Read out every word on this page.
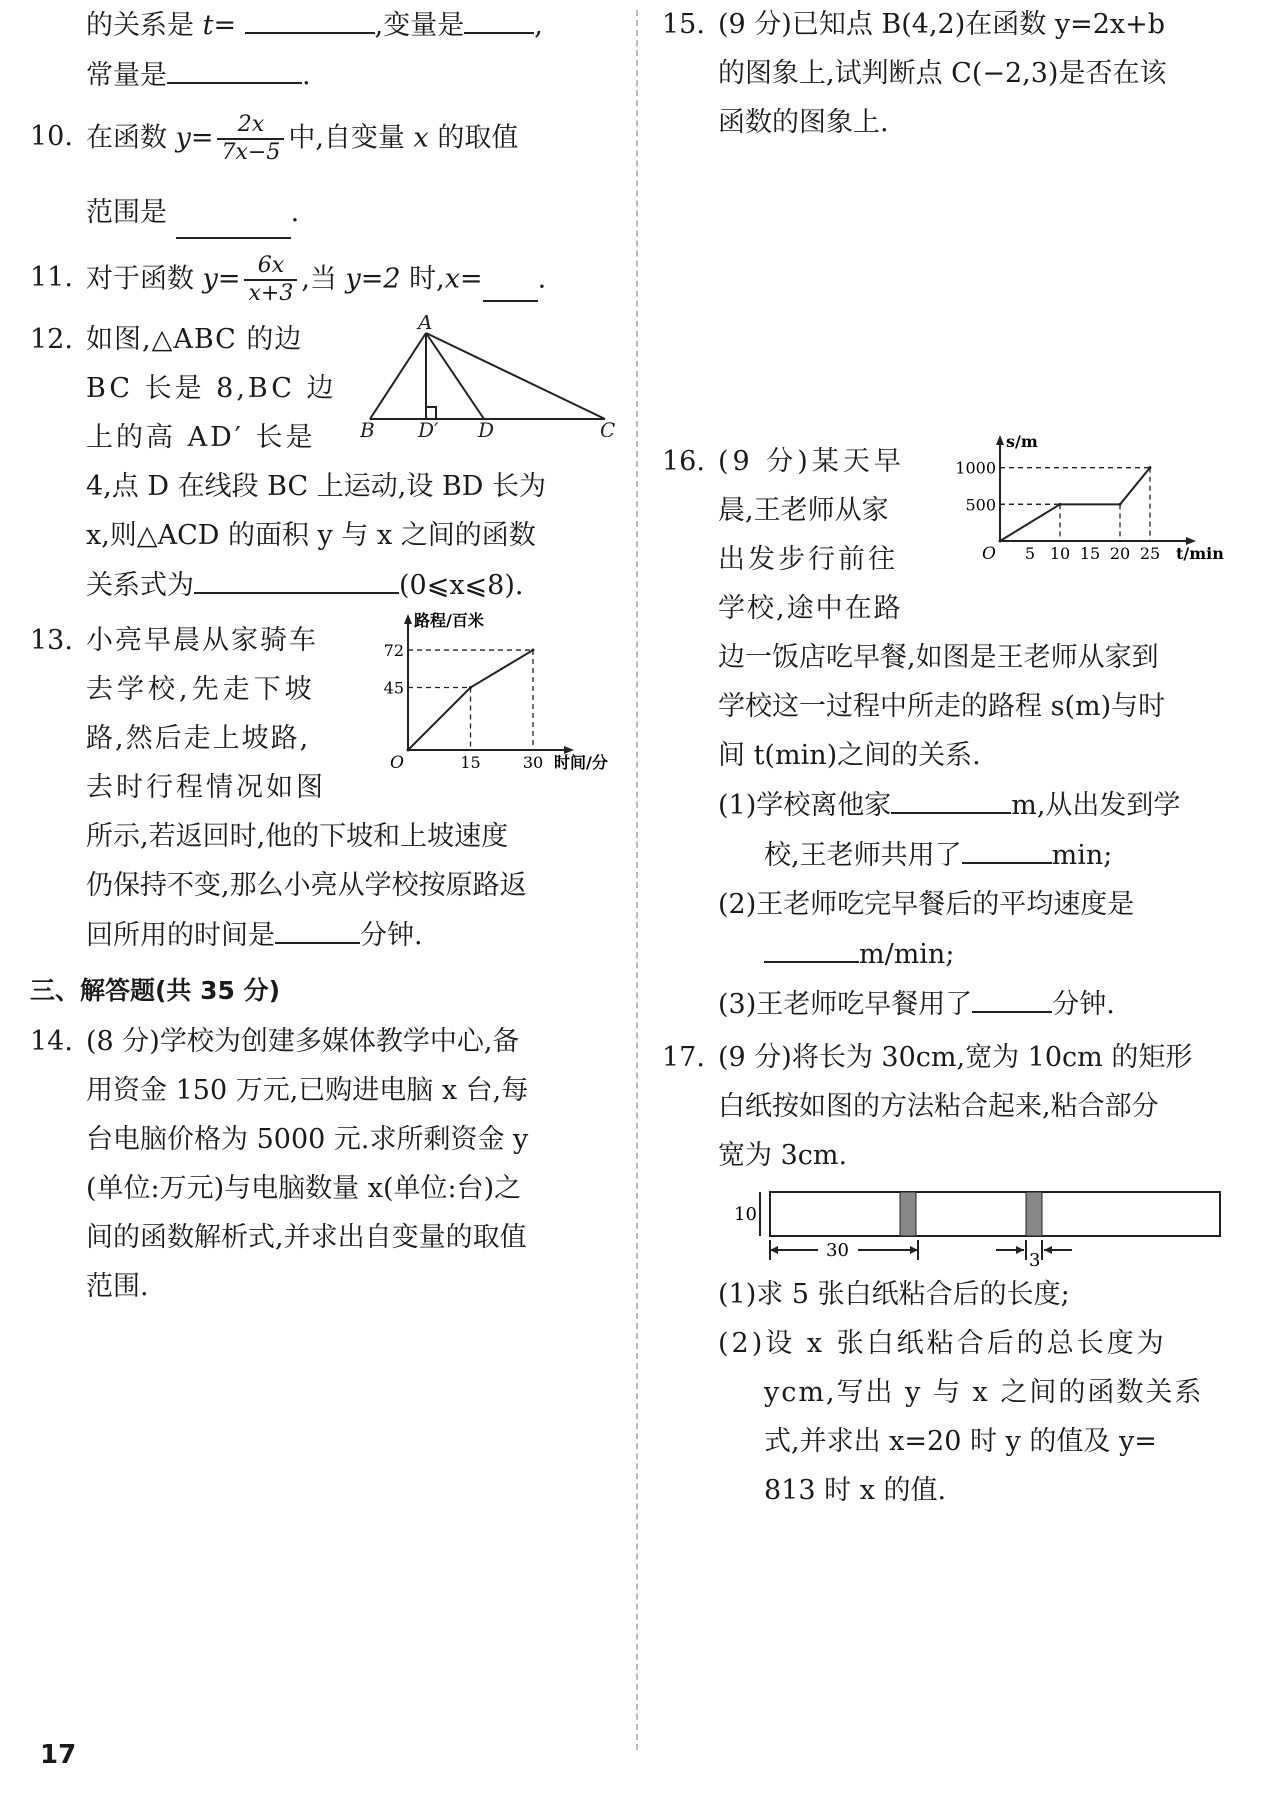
的关系是 t=	,变量是	,
常量是	.
10. 在函数 $y= \frac{2x}{7x-5}$ 中,自变量 x 的取值
范围是	.
11. 对于函数 $y= \frac{6x}{x+3}$ ,当 y=2 时,x= .
12. 如图,△ABC 的边
BC 长是 8,BC 边
上的高 AD′ 长是
4,点 D 在线段 BC 上运动,设 BD 长为
x,则△ACD 的面积 y 与 x 之间的函数
关系式为	(0⩽x⩽8).
A
B D′ D	C
13. 小亮早晨从家骑车
去学校,先走下坡
路,然后走上坡路,
去时行程情况如图
所示,若返回时,他的下坡和上坡速度
仍保持不变,那么小亮从学校按原路返
回所用的时间是	分钟.
O
路程/百米
时间/分
15	30
45
72
三、解答题(共 35 分)
14. (8 分)学校为创建多媒体教学中心,备
用资金 150 万元,已购进电脑 x 台,每
台电脑价格为 5000 元.求所剩资金 y
(单位:万元)与电脑数量 x(单位:台)之
间的函数解析式,并求出自变量的取值
范围.
15. (9 分)已知点 B(4,2)在函数 y=2x+b
的图象上,试判断点 C(−2,3)是否在该
函数的图象上.
16. (9 分)某天早
晨,王老师从家
出发步行前往
学校,途中在路
边一饭店吃早餐,如图是王老师从家到
学校这一过程中所走的路程 s(m)与时
间 t(min)之间的关系.
(1)学校离他家	m,从出发到学
校,王老师共用了	min;
(2)王老师吃完早餐后的平均速度是
m/min;
(3)王老师吃早餐用了	分钟.
O
s/m
t/min
5 10 15 20 25
500
1000
17. (9 分)将长为 30cm,宽为 10cm 的矩形
白纸按如图的方法粘合起来,粘合部分
宽为 3cm.
10
30	3
(1)求 5 张白纸粘合后的长度;
(2)设 x 张白纸粘合后的总长度为
ycm,写出 y 与 x 之间的函数关系
式,并求出 x=20 时 y 的值及 y=
813 时 x 的值.
17
